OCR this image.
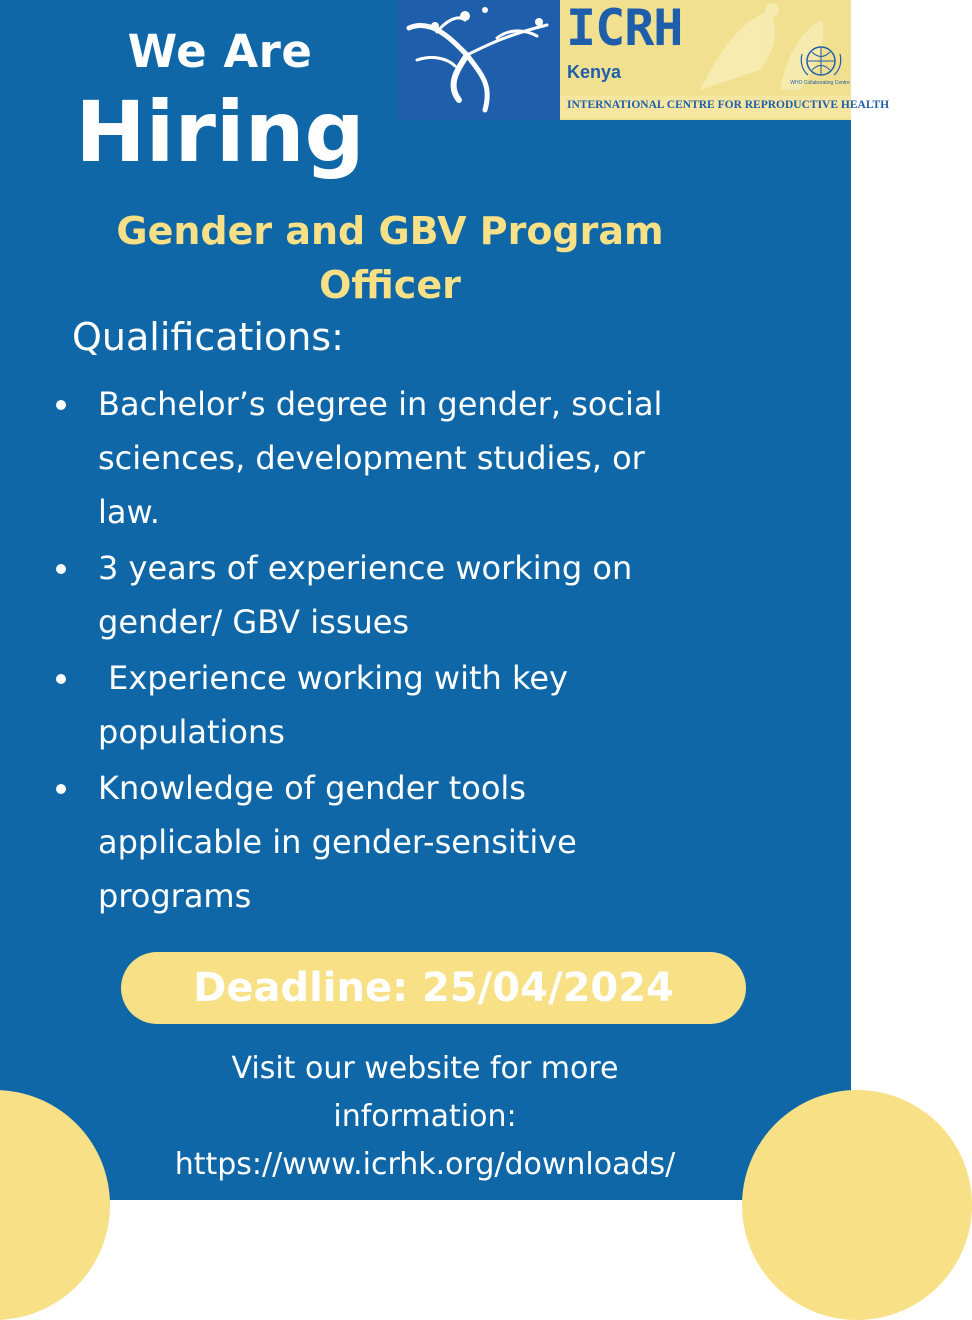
We Are
Hiring
ICRH
Kenya
INTERNATIONAL CENTRE FOR REPRODUCTIVE HEALTH
WHO Collaborating Centre
Gender and GBV Program
Officer
Qualifications:
Bachelor’s degree in gender, social
sciences, development studies, or
law.
3 years of experience working on
gender/ GBV issues
Experience working with key
populations
Knowledge of gender tools
applicable in gender-sensitive
programs
Deadline: 25/04/2024
Visit our website for more
information:
https://www.icrhk.org/downloads/
